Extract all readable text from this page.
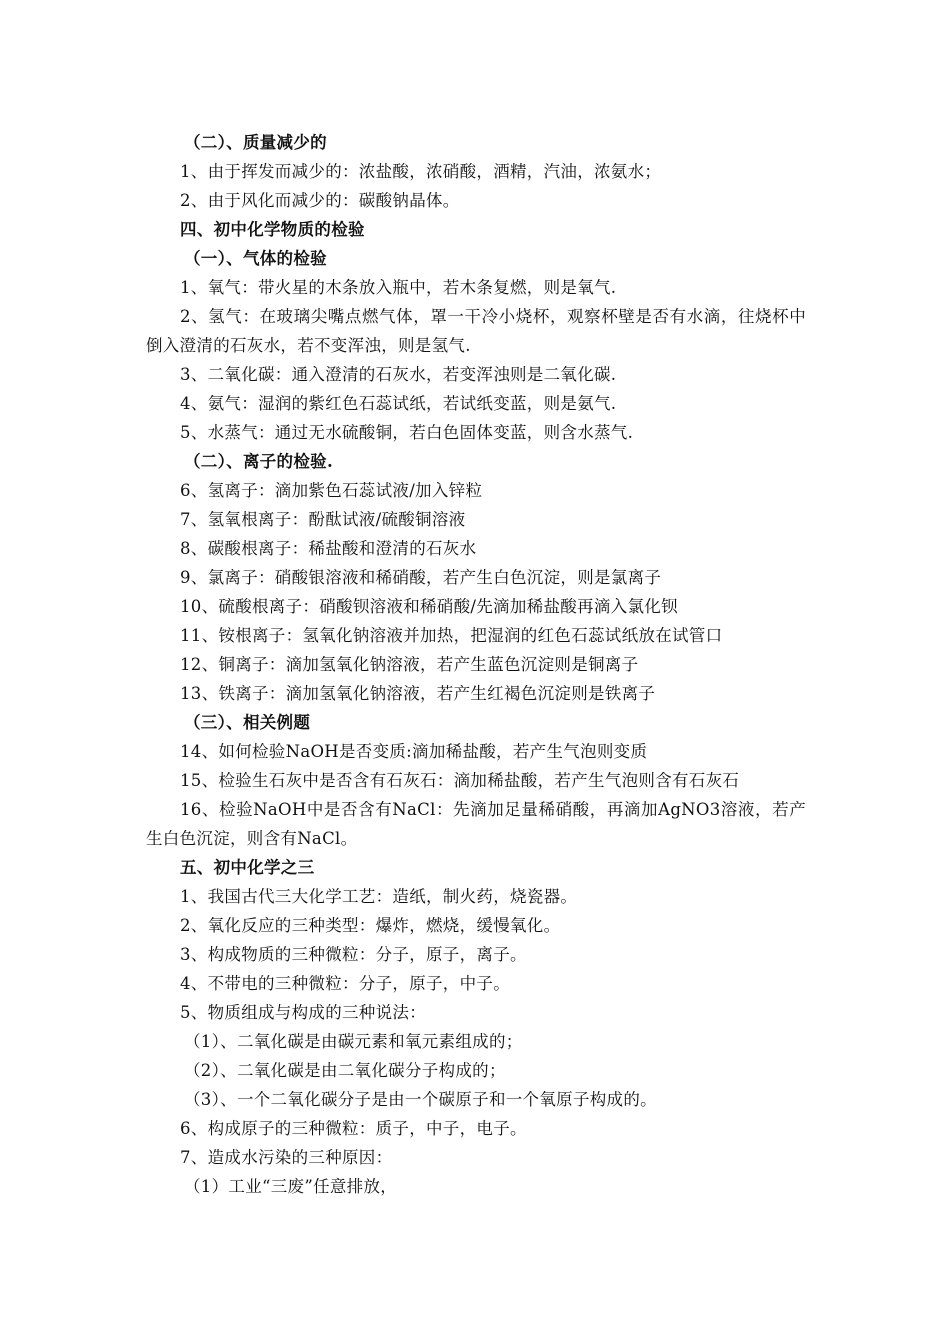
（二）、质量减少的
1、由于挥发而减少的：浓盐酸，浓硝酸，酒精，汽油，浓氨水；
2、由于风化而减少的：碳酸钠晶体。
四、初中化学物质的检验
（一）、气体的检验
1、氧气：带火星的木条放入瓶中，若木条复燃，则是氧气.
2、氢气：在玻璃尖嘴点燃气体，罩一干冷小烧杯，观察杯壁是否有水滴，往烧杯中倒入澄清的石灰水，若不变浑浊，则是氢气.
3、二氧化碳：通入澄清的石灰水，若变浑浊则是二氧化碳.
4、氨气：湿润的紫红色石蕊试纸，若试纸变蓝，则是氨气.
5、水蒸气：通过无水硫酸铜，若白色固体变蓝，则含水蒸气.
（二）、离子的检验.
6、氢离子：滴加紫色石蕊试液/加入锌粒
7、氢氧根离子：酚酞试液/硫酸铜溶液
8、碳酸根离子：稀盐酸和澄清的石灰水
9、氯离子：硝酸银溶液和稀硝酸，若产生白色沉淀，则是氯离子
10、硫酸根离子：硝酸钡溶液和稀硝酸/先滴加稀盐酸再滴入氯化钡
11、铵根离子：氢氧化钠溶液并加热，把湿润的红色石蕊试纸放在试管口
12、铜离子：滴加氢氧化钠溶液，若产生蓝色沉淀则是铜离子
13、铁离子：滴加氢氧化钠溶液，若产生红褐色沉淀则是铁离子
（三）、相关例题
14、如何检验NaOH是否变质:滴加稀盐酸，若产生气泡则变质
15、检验生石灰中是否含有石灰石：滴加稀盐酸，若产生气泡则含有石灰石
16、检验NaOH中是否含有NaCl：先滴加足量稀硝酸，再滴加AgNO3溶液，若产生白色沉淀，则含有NaCl。
五、初中化学之三
1、我国古代三大化学工艺：造纸，制火药，烧瓷器。
2、氧化反应的三种类型：爆炸，燃烧，缓慢氧化。
3、构成物质的三种微粒：分子，原子，离子。
4、不带电的三种微粒：分子，原子，中子。
5、物质组成与构成的三种说法：
（1）、二氧化碳是由碳元素和氧元素组成的；
（2）、二氧化碳是由二氧化碳分子构成的；
（3）、一个二氧化碳分子是由一个碳原子和一个氧原子构成的。
6、构成原子的三种微粒：质子，中子，电子。
7、造成水污染的三种原因：
（1）工业“三废”任意排放，
